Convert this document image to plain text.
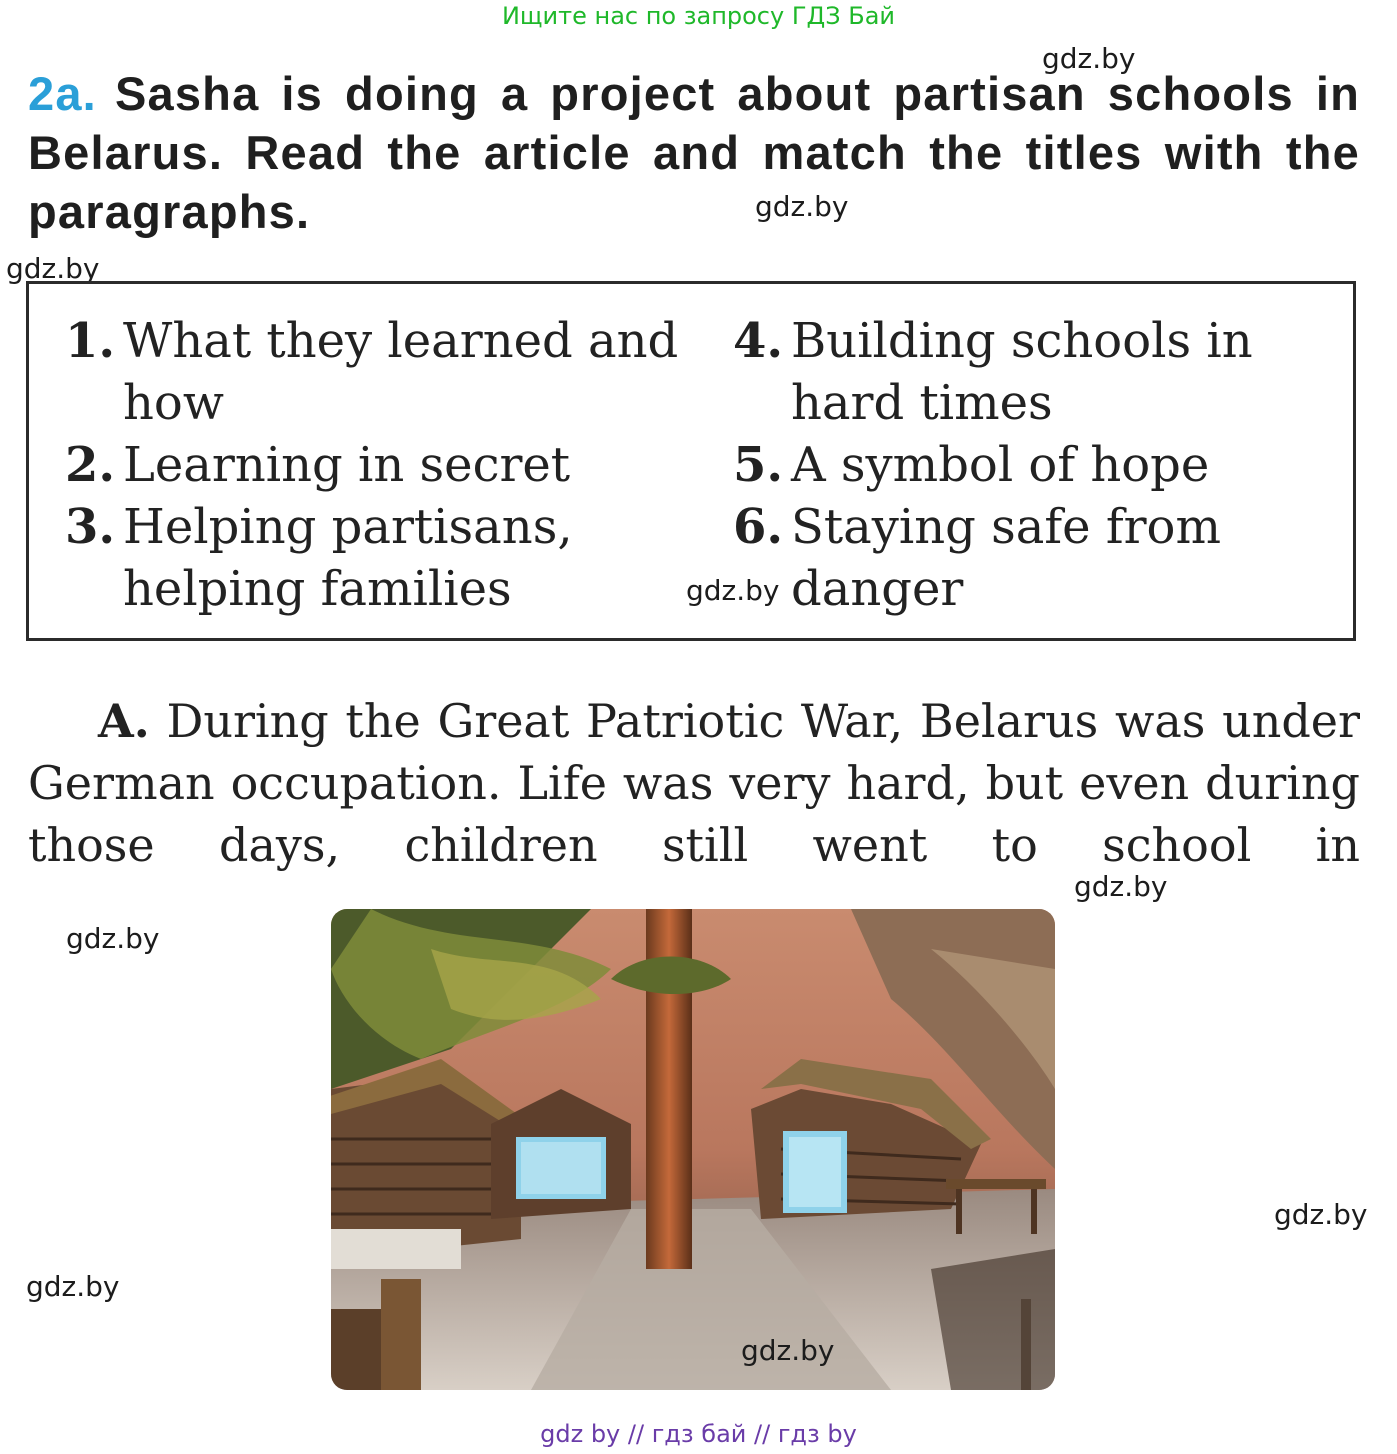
Ищите нас по запросу ГДЗ Бай
gdz.by
2a. Sasha is doing a project about partisan schools in Belarus. Read the article and match the titles with the paragraphs.	gdz.by
gdz.by
1. What they learned and how
2. Learning in secret
3. Helping partisans, helping families
4. Building schools in hard times
5. A symbol of hope
6. Staying safe from danger
gdz.by
A. During the Great Patriotic War, Belarus was under German occupation. Life was very hard, but even during those days, children still went to school in
gdz.by
gdz.by
gdz.by
gdz.by
gdz.by
gdz by // гдз бай // гдз by
